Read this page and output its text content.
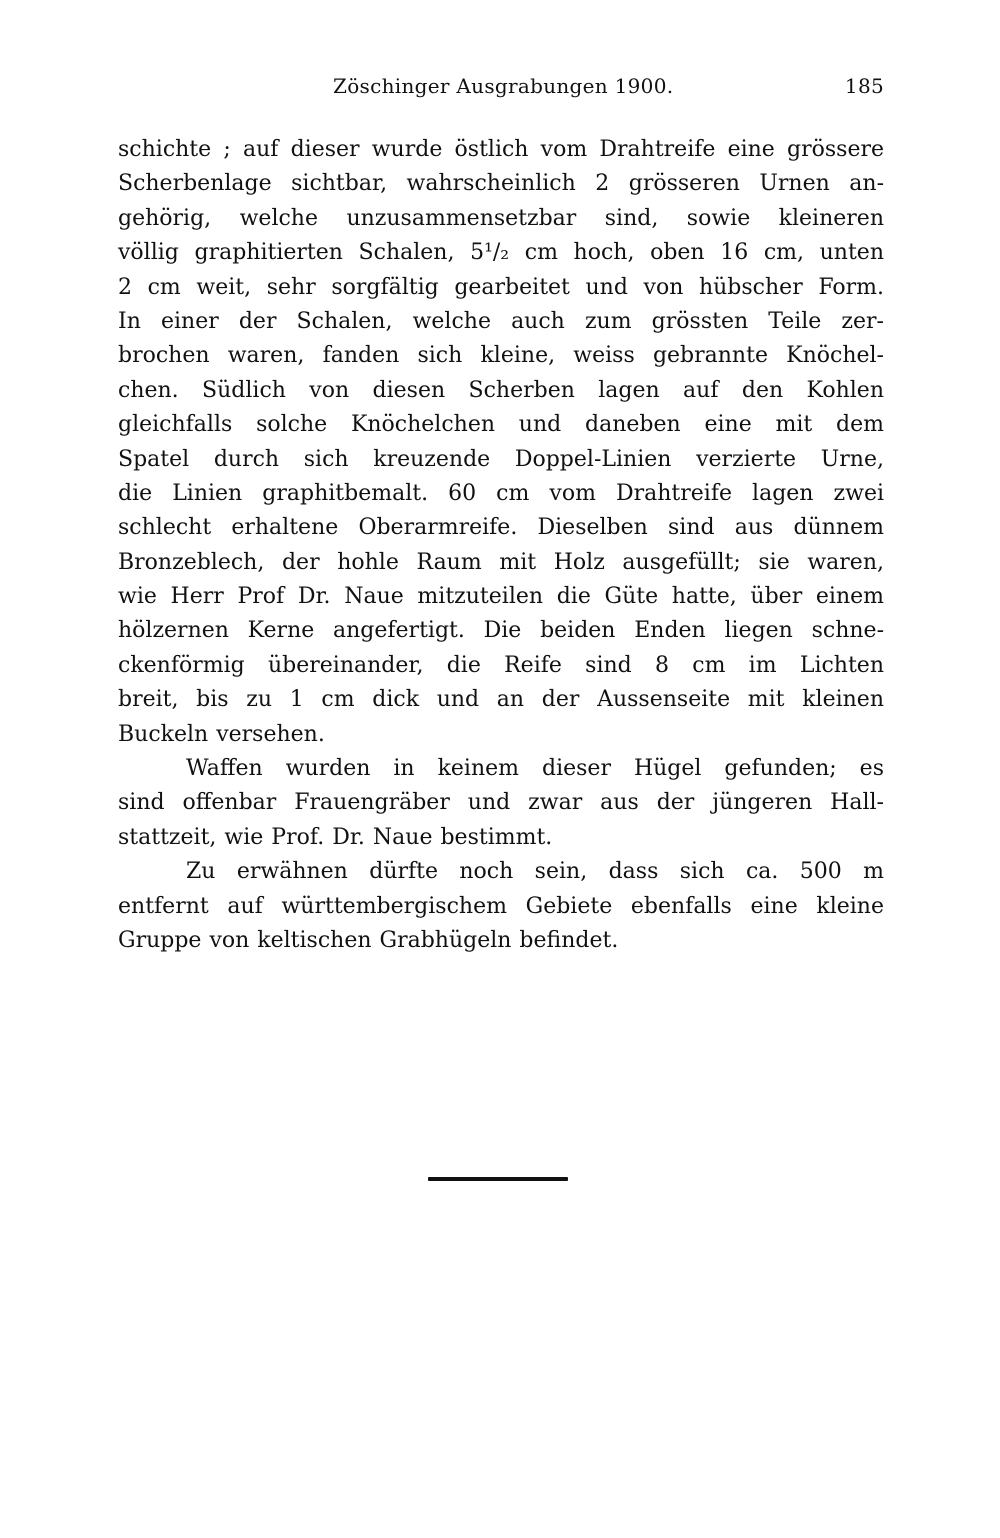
Zöschinger Ausgrabungen 1900.	185
schichte ; auf dieser wurde östlich vom Drahtreife eine grössere
Scherbenlage sichtbar, wahrscheinlich 2 grösseren Urnen an-
gehörig, welche unzusammensetzbar sind, sowie kleineren
völlig graphitierten Schalen, 5¹/₂ cm hoch, oben 16 cm, unten
2 cm weit, sehr sorgfältig gearbeitet und von hübscher Form.
In einer der Schalen, welche auch zum grössten Teile zer-
brochen waren, fanden sich kleine, weiss gebrannte Knöchel-
chen. Südlich von diesen Scherben lagen auf den Kohlen
gleichfalls solche Knöchelchen und daneben eine mit dem
Spatel durch sich kreuzende Doppel-Linien verzierte Urne,
die Linien graphitbemalt. 60 cm vom Drahtreife lagen zwei
schlecht erhaltene Oberarmreife. Dieselben sind aus dünnem
Bronzeblech, der hohle Raum mit Holz ausgefüllt; sie waren,
wie Herr Prof Dr. Naue mitzuteilen die Güte hatte, über einem
hölzernen Kerne angefertigt. Die beiden Enden liegen schne-
ckenförmig übereinander, die Reife sind 8 cm im Lichten
breit, bis zu 1 cm dick und an der Aussenseite mit kleinen
Buckeln versehen.
Waffen wurden in keinem dieser Hügel gefunden; es
sind offenbar Frauengräber und zwar aus der jüngeren Hall-
stattzeit, wie Prof. Dr. Naue bestimmt.
Zu erwähnen dürfte noch sein, dass sich ca. 500 m
entfernt auf württembergischem Gebiete ebenfalls eine kleine
Gruppe von keltischen Grabhügeln befindet.
